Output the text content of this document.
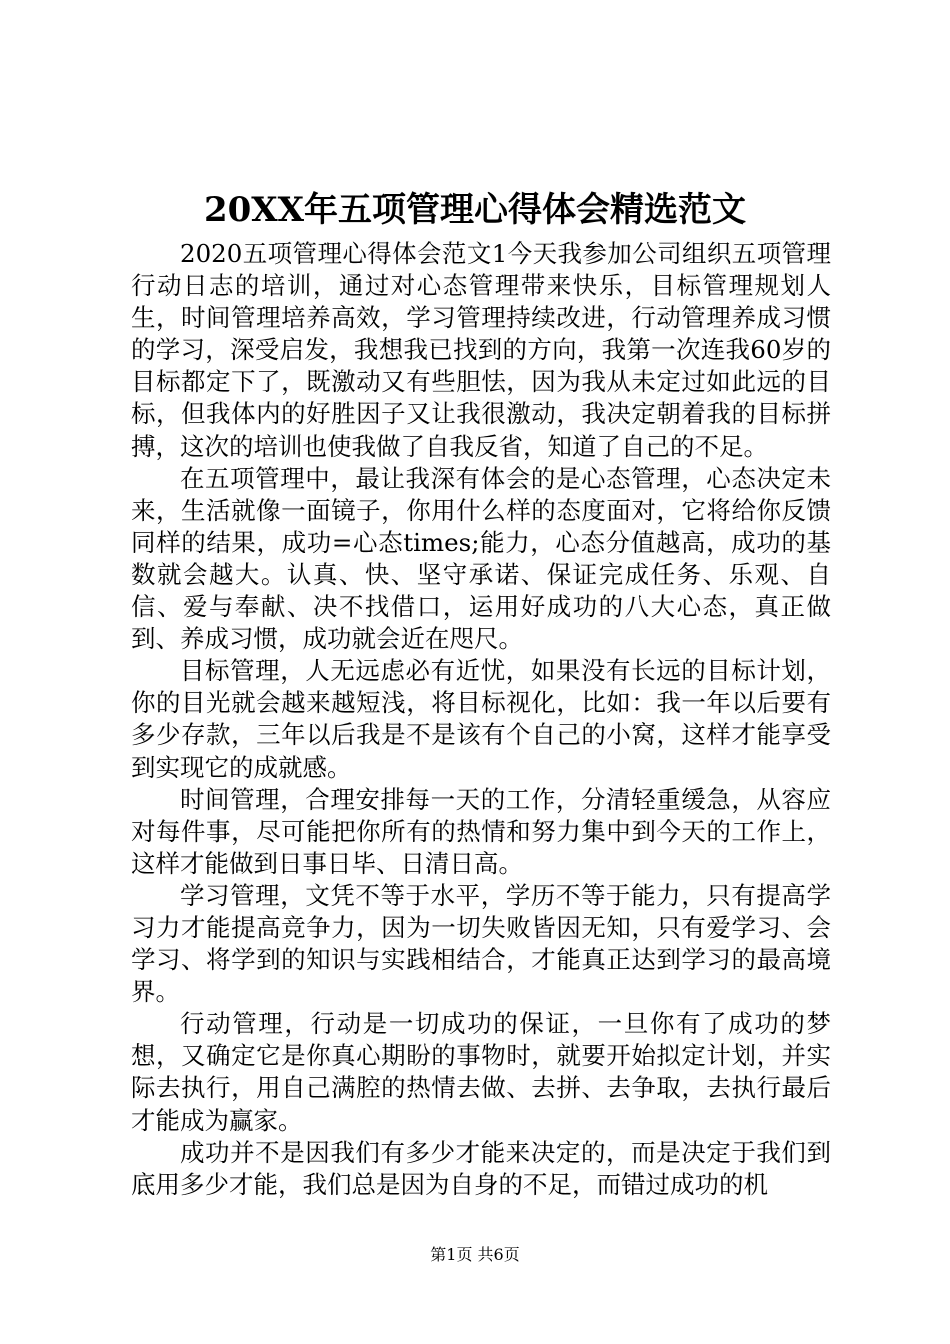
20XX年五项管理心得体会精选范文

2020五项管理心得体会范文1今天我参加公司组织五项管理行动日志的培训，通过对心态管理带来快乐，目标管理规划人生，时间管理培养高效，学习管理持续改进，行动管理养成习惯的学习，深受启发，我想我已找到的方向，我第一次连我60岁的目标都定下了，既激动又有些胆怯，因为我从未定过如此远的目标，但我体内的好胜因子又让我很激动，我决定朝着我的目标拼搏，这次的培训也使我做了自我反省，知道了自己的不足。

在五项管理中，最让我深有体会的是心态管理，心态决定未来，生活就像一面镜子，你用什么样的态度面对，它将给你反馈同样的结果，成功=心态times;能力，心态分值越高，成功的基数就会越大。认真、快、坚守承诺、保证完成任务、乐观、自信、爱与奉献、决不找借口，运用好成功的八大心态，真正做到、养成习惯，成功就会近在咫尺。

目标管理，人无远虑必有近忧，如果没有长远的目标计划，你的目光就会越来越短浅，将目标视化，比如：我一年以后要有多少存款，三年以后我是不是该有个自己的小窝，这样才能享受到实现它的成就感。

时间管理，合理安排每一天的工作，分清轻重缓急，从容应对每件事，尽可能把你所有的热情和努力集中到今天的工作上，这样才能做到日事日毕、日清日高。

学习管理，文凭不等于水平，学历不等于能力，只有提高学习力才能提高竞争力，因为一切失败皆因无知，只有爱学习、会学习、将学到的知识与实践相结合，才能真正达到学习的最高境界。

行动管理，行动是一切成功的保证，一旦你有了成功的梦想，又确定它是你真心期盼的事物时，就要开始拟定计划，并实际去执行，用自己满腔的热情去做、去拼、去争取，去执行最后才能成为赢家。

成功并不是因我们有多少才能来决定的，而是决定于我们到底用多少才能，我们总是因为自身的不足，而错过成功的机

第1页 共6页
